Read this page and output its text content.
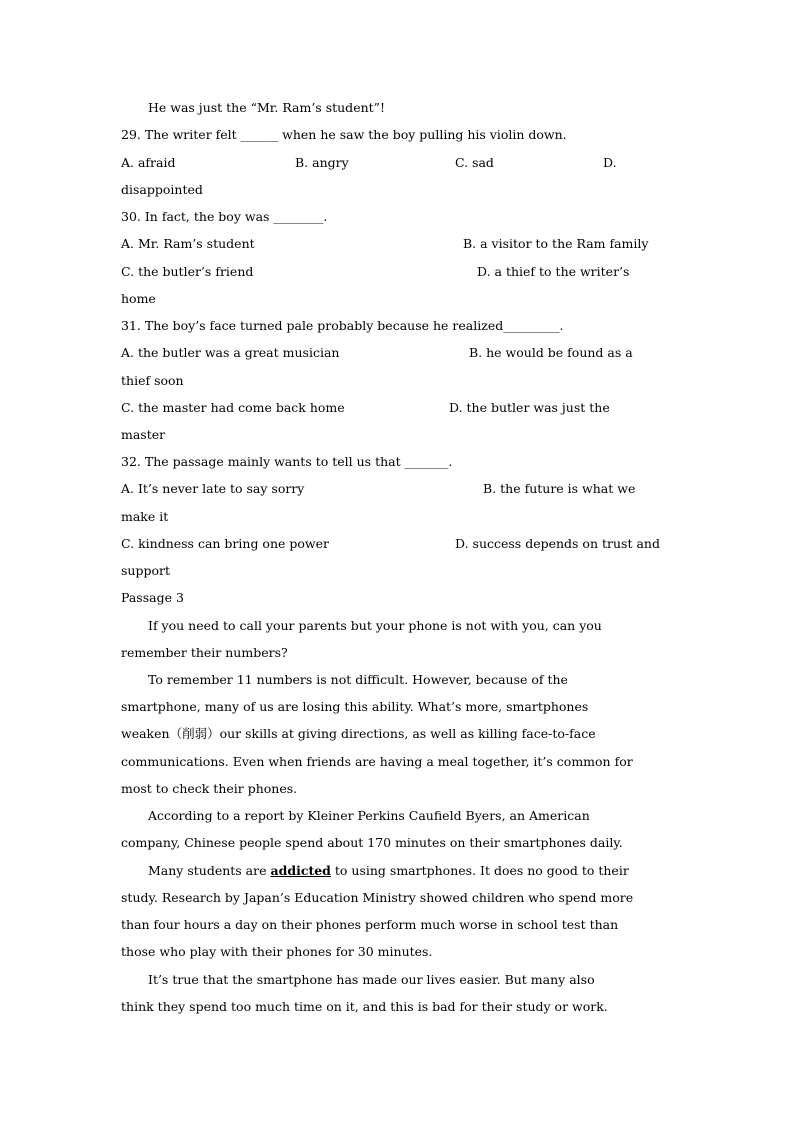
He was just the “Mr. Ram’s student”!
29. The writer felt ______ when he saw the boy pulling his violin down.
A. afraid	B. angry	C. sad	D.
disappointed
30. In fact, the boy was ________.
A. Mr. Ram’s student	B. a visitor to the Ram family
C. the butler’s friend	D. a thief to the writer’s
home
31. The boy’s face turned pale probably because he realized_________.
A. the butler was a great musician	B. he would be found as a
thief soon
C. the master had come back home	D. the butler was just the
master
32. The passage mainly wants to tell us that _______.
A. It’s never late to say sorry	B. the future is what we
make it
C. kindness can bring one power	D. success depends on trust and
support
Passage 3
If you need to call your parents but your phone is not with you, can you
remember their numbers?
To remember 11 numbers is not difficult. However, because of the
smartphone, many of us are losing this ability. What’s more, smartphones
weaken（削弱）our skills at giving directions, as well as killing face-to-face
communications. Even when friends are having a meal together, it’s common for
most to check their phones.
According to a report by Kleiner Perkins Caufield Byers, an American
company, Chinese people spend about 170 minutes on their smartphones daily.
Many students are addicted to using smartphones. It does no good to their
study. Research by Japan’s Education Ministry showed children who spend more
than four hours a day on their phones perform much worse in school test than
those who play with their phones for 30 minutes.
It’s true that the smartphone has made our lives easier. But many also
think they spend too much time on it, and this is bad for their study or work.
